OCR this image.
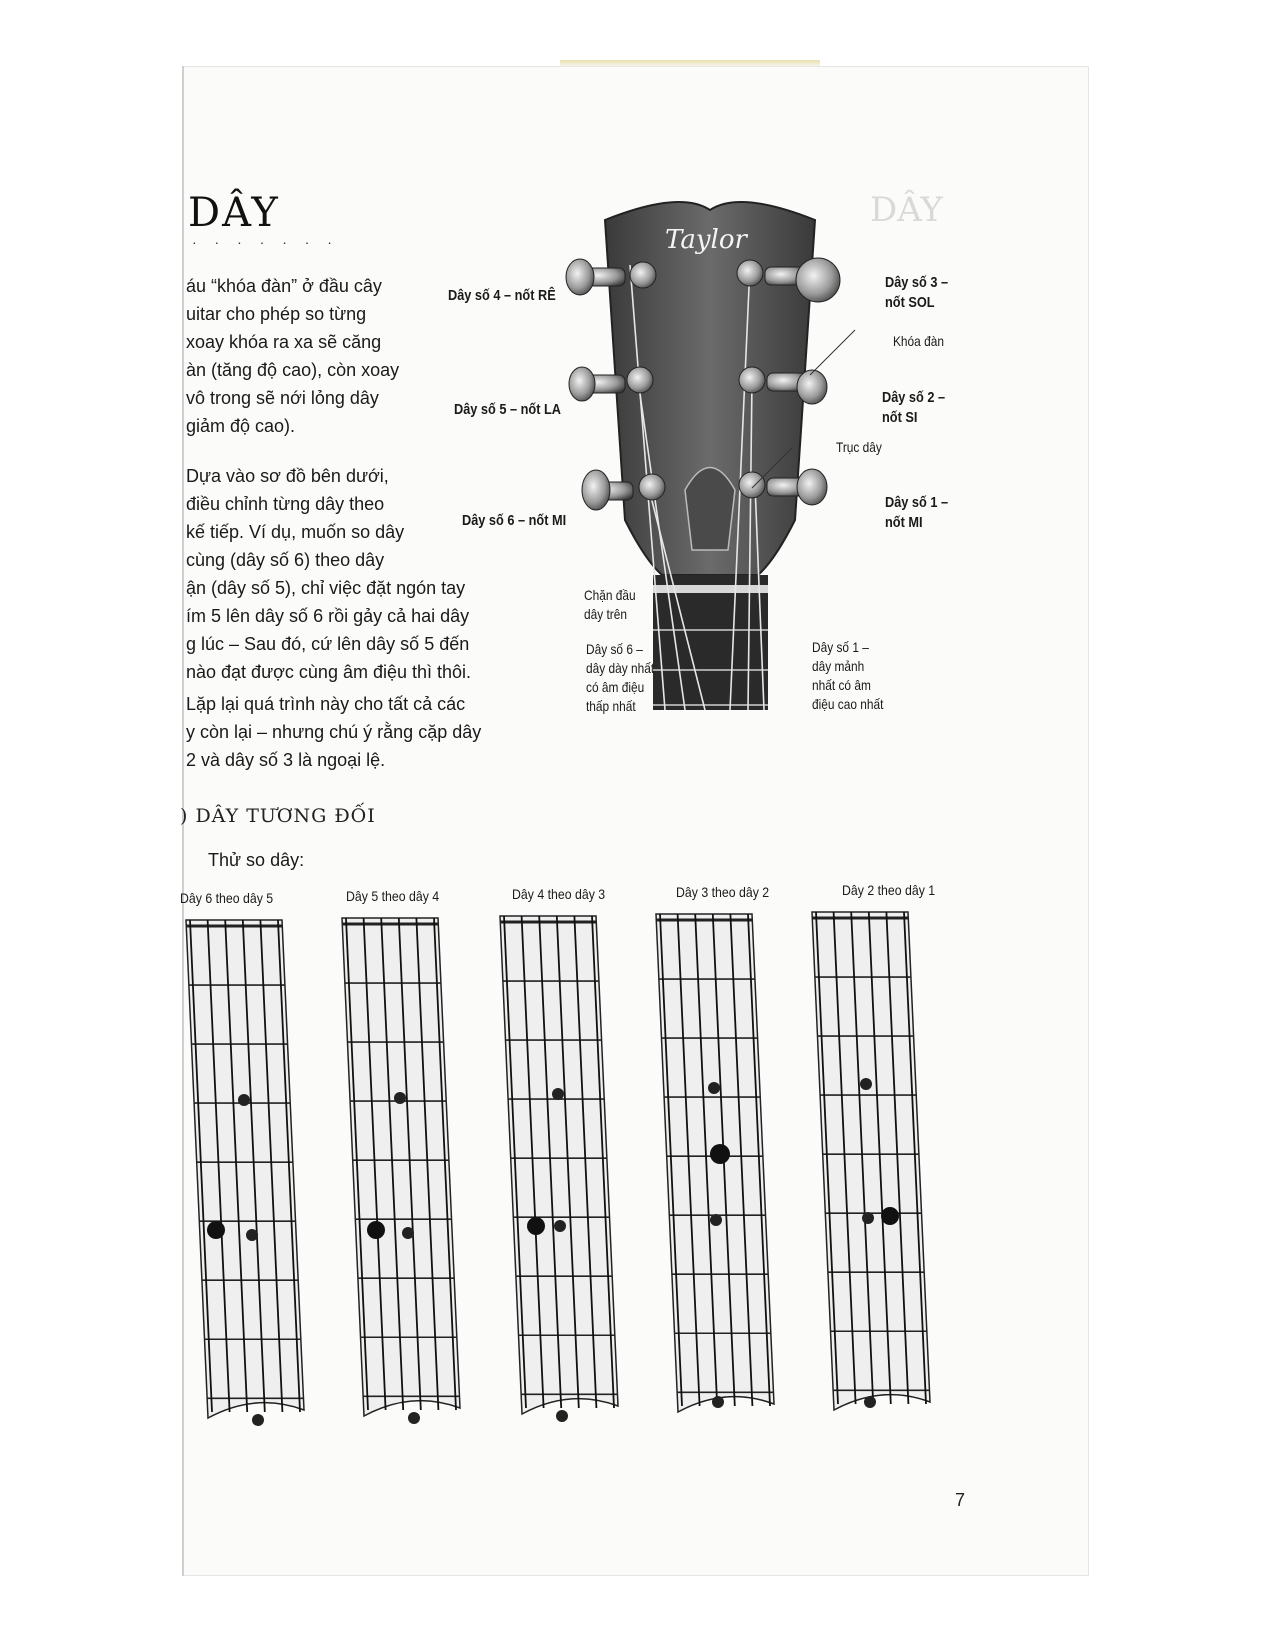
DÂY
DÂY
· · · · · · ·
áu “khóa đàn” ở đầu cây
uitar cho phép so từng
xoay khóa ra xa sẽ căng
àn (tăng độ cao), còn xoay
vô trong sẽ nới lỏng dây
giảm độ cao).
Dựa vào sơ đồ bên dưới,
điều chỉnh từng dây theo
kế tiếp. Ví dụ, muốn so dây
cùng (dây số 6) theo dây
ận (dây số 5), chỉ việc đặt ngón tay
ím 5 lên dây số 6 rồi gảy cả hai dây
g lúc – Sau đó, cứ lên dây số 5 đến
nào đạt được cùng âm điệu thì thôi.
Lặp lại quá trình này cho tất cả các
y còn lại – nhưng chú ý rằng cặp dây
2 và dây số 3 là ngoại lệ.
Taylor
Dây số 4 – nốt RÊ
Dây số 5 – nốt LA
Dây số 6 – nốt MI
Dây số 3 –
nốt SOL
Khóa đàn
Dây số 2 –
nốt SI
Trục dây
Dây số 1 –
nốt MI
Chặn đầu
dây trên
Dây số 6 –
dây dày nhất
có âm điệu
thấp nhất
Dây số 1 –
dây mảnh
nhất có âm
điệu cao nhất
) DÂY TƯƠNG ĐỐI
Thử so dây:
Dây 6 theo dây 5	Dây 5 theo dây 4	Dây 4 theo dây 3	Dây 3 theo dây 2	Dây 2 theo dây 1
7
